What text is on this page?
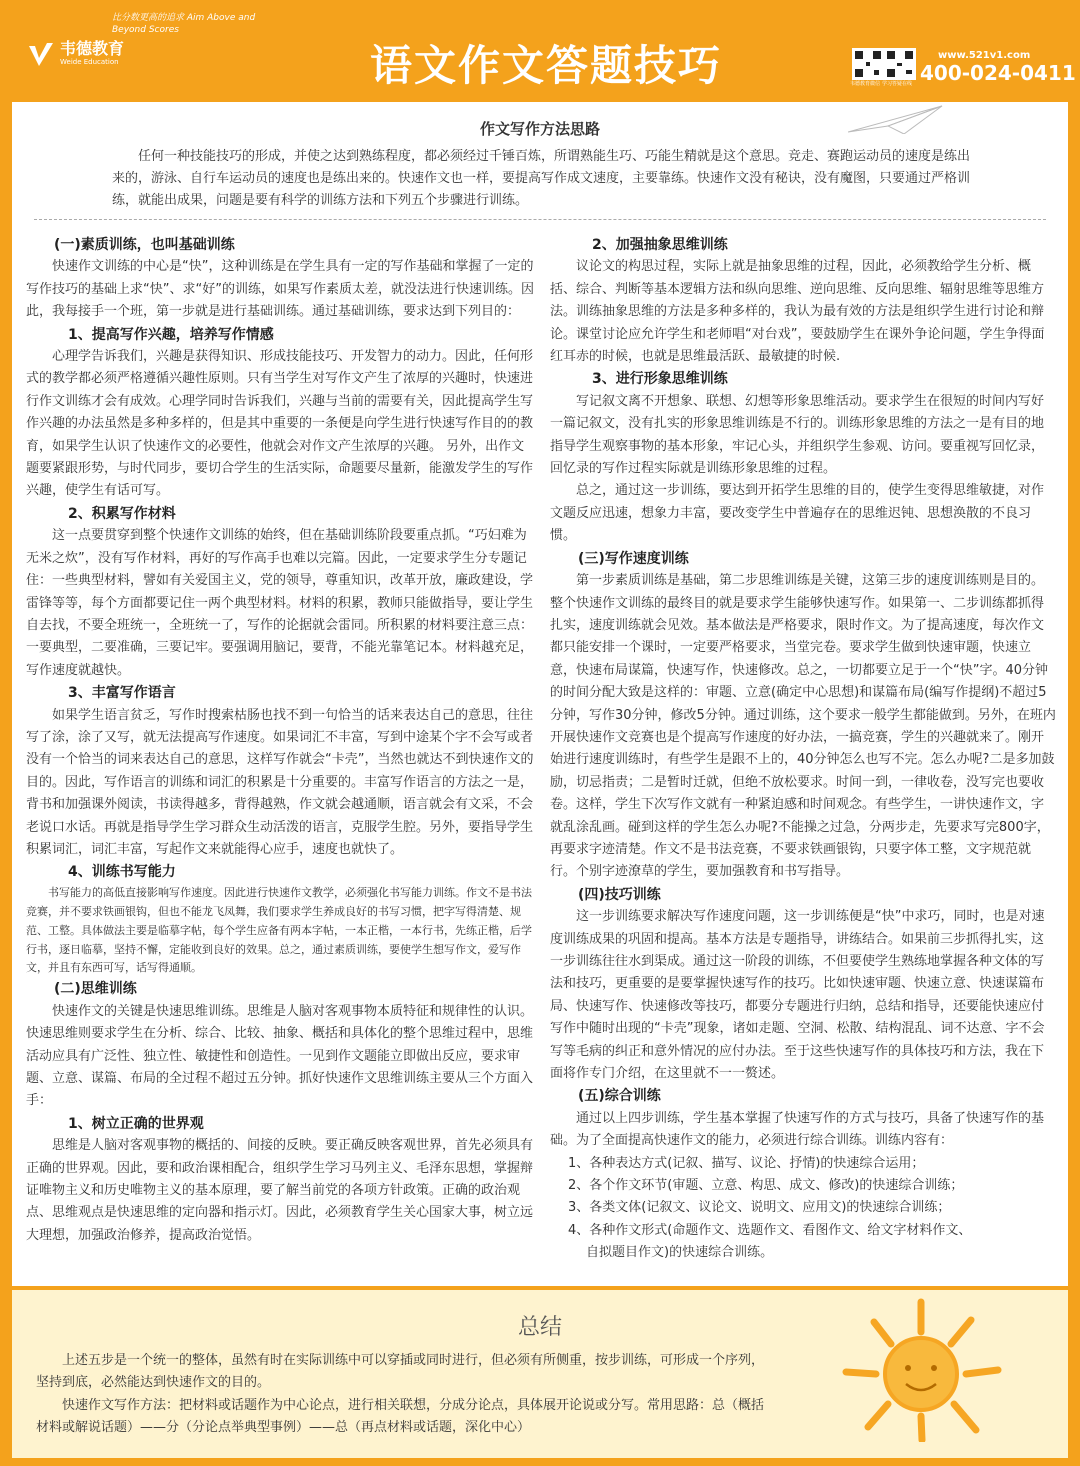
韦德教育
Weide Education
比分数更高的追求 Aim Above and Beyond Scores
语文作文答题技巧	韦德教育微信 学习答疑在线
www.521v1.com
400-024-0411
作文写作方法思路
任何一种技能技巧的形成，并使之达到熟练程度，都必须经过千锤百炼，所谓熟能生巧、巧能生精就是这个意思。竞走、赛跑运动员的速度是练出来的，游泳、自行车运动员的速度也是练出来的。快速作文也一样，要提高写作成文速度，主要靠练。快速作文没有秘诀，没有魔图，只要通过严格训练，就能出成果，问题是要有科学的训练方法和下列五个步骤进行训练。

(一)素质训练，也叫基础训练

快速作文训练的中心是“快”，这种训练是在学生具有一定的写作基础和掌握了一定的写作技巧的基础上求“快”、求“好”的训练，如果写作素质太差，就没法进行快速训练。因此，我每接手一个班，第一步就是进行基础训练。通过基础训练，要求达到下列目的：

1、提高写作兴趣，培养写作情感

心理学告诉我们，兴趣是获得知识、形成技能技巧、开发智力的动力。因此，任何形式的教学都必须严格遵循兴趣性原则。只有当学生对写作文产生了浓厚的兴趣时，快速进行作文训练才会有成效。心理学同时告诉我们，兴趣与当前的需要有关，因此提高学生写作兴趣的办法虽然是多种多样的，但是其中重要的一条便是向学生进行快速写作目的的教育，如果学生认识了快速作文的必要性，他就会对作文产生浓厚的兴趣。 另外，出作文题要紧跟形势，与时代同步，要切合学生的生活实际，命题要尽量新，能激发学生的写作兴趣，使学生有话可写。

2、积累写作材料

这一点要贯穿到整个快速作文训练的始终，但在基础训练阶段要重点抓。“巧妇难为无米之炊”，没有写作材料，再好的写作高手也难以完篇。因此，一定要求学生分专题记住：一些典型材料，譬如有关爱国主义，党的领导，尊重知识，改革开放，廉政建设，学雷锋等等，每个方面都要记住一两个典型材料。材料的积累，教师只能做指导，要让学生自去找，不要全班统一，全班统一了，写作的论据就会雷同。所积累的材料要注意三点：一要典型，二要准确，三要记牢。要强调用脑记，要背，不能光靠笔记本。材料越充足，写作速度就越快。

3、丰富写作语言

如果学生语言贫乏，写作时搜索枯肠也找不到一句恰当的话来表达自己的意思，往往写了涂，涂了又写，就无法提高写作速度。如果词汇不丰富，写到中途某个字不会写或者没有一个恰当的词来表达自己的意思，这样写作就会“卡壳”，当然也就达不到快速作文的目的。因此，写作语言的训练和词汇的积累是十分重要的。丰富写作语言的方法之一是，背书和加强课外阅读，书读得越多，背得越熟，作文就会越通顺，语言就会有文采，不会老说口水话。再就是指导学生学习群众生动活泼的语言，克服学生腔。另外，要指导学生积累词汇，词汇丰富，写起作文来就能得心应手，速度也就快了。

4、训练书写能力

书写能力的高低直接影响写作速度。因此进行快速作文教学，必须强化书写能力训练。作文不是书法竞赛，并不要求铁画银钩，但也不能龙飞凤舞，我们要求学生养成良好的书写习惯，把字写得清楚、规范、工整。具体做法主要是临摹字帖，每个学生应备有两本字帖，一本正楷，一本行书，先练正楷，后学行书，逐日临摹，坚持不懈，定能收到良好的效果。总之，通过素质训练，要使学生想写作文，爱写作文，并且有东西可写，话写得通顺。

(二)思维训练

快速作文的关键是快速思维训练。思维是人脑对客观事物本质特征和规律性的认识。快速思维则要求学生在分析、综合、比较、抽象、概括和具体化的整个思维过程中，思维活动应具有广泛性、独立性、敏捷性和创造性。一见到作文题能立即做出反应，要求审题、立意、谋篇、布局的全过程不超过五分钟。抓好快速作文思维训练主要从三个方面入手：

1、树立正确的世界观

思维是人脑对客观事物的概括的、间接的反映。要正确反映客观世界，首先必须具有正确的世界观。因此，要和政治课相配合，组织学生学习马列主义、毛泽东思想，掌握辩证唯物主义和历史唯物主义的基本原理，要了解当前党的各项方针政策。正确的政治观点、思维观点是快速思维的定向器和指示灯。因此，必须教育学生关心国家大事，树立远大理想，加强政治修养，提高政治觉悟。

2、加强抽象思维训练

议论文的构思过程，实际上就是抽象思维的过程，因此，必须教给学生分析、概括、综合、判断等基本逻辑方法和纵向思维、逆向思维、反向思维、辐射思维等思维方法。训练抽象思维的方法是多种多样的，我认为最有效的方法是组织学生进行讨论和辩论。课堂讨论应允许学生和老师唱“对台戏”，要鼓励学生在课外争论问题，学生争得面红耳赤的时候，也就是思维最活跃、最敏捷的时候.

3、进行形象思维训练

写记叙文离不开想象、联想、幻想等形象思维活动。要求学生在很短的时间内写好一篇记叙文，没有扎实的形象思维训练是不行的。训练形象思维的方法之一是有目的地指导学生观察事物的基本形象，牢记心头，并组织学生参观、访问。要重视写回忆录，回忆录的写作过程实际就是训练形象思维的过程。

总之，通过这一步训练，要达到开拓学生思维的目的，使学生变得思维敏捷，对作文题反应迅速，想象力丰富，要改变学生中普遍存在的思维迟钝、思想涣散的不良习惯。

(三)写作速度训练

第一步素质训练是基础，第二步思维训练是关键，这第三步的速度训练则是目的。整个快速作文训练的最终目的就是要求学生能够快速写作。如果第一、二步训练都抓得扎实，速度训练就会见效。基本做法是严格要求，限时作文。为了提高速度，每次作文都只能安排一个课时，一定要严格要求，当堂完卷。要求学生做到快速审题，快速立意，快速布局谋篇，快速写作，快速修改。总之，一切都要立足于一个“快”字。40分钟的时间分配大致是这样的：审题、立意(确定中心思想)和谋篇布局(编写作提纲)不超过5分钟，写作30分钟，修改5分钟。通过训练，这个要求一般学生都能做到。另外，在班内开展快速作文竞赛也是个提高写作速度的好办法，一搞竞赛，学生的兴趣就来了。刚开始进行速度训练时，有些学生是跟不上的，40分钟怎么也写不完。怎么办呢?二是多加鼓励，切忌指责；二是暂时迁就，但绝不放松要求。时间一到，一律收卷，没写完也要收卷。这样，学生下次写作文就有一种紧迫感和时间观念。有些学生，一讲快速作文，字就乱涂乱画。碰到这样的学生怎么办呢?不能操之过急，分两步走，先要求写完800字，再要求字迹清楚。作文不是书法竞赛，不要求铁画银钩，只要字体工整，文字规范就行。个别字迹潦草的学生，要加强教育和书写指导。

(四)技巧训练

这一步训练要求解决写作速度问题，这一步训练便是“快”中求巧，同时，也是对速度训练成果的巩固和提高。基本方法是专题指导，讲练结合。如果前三步抓得扎实，这一步训练往往水到渠成。通过这一阶段的训练，不但要使学生熟练地掌握各种文体的写法和技巧，更重要的是要掌握快速写作的技巧。比如快速审题、快速立意、快速谋篇布局、快速写作、快速修改等技巧，都要分专题进行归纳，总结和指导，还要能快速应付写作中随时出现的“卡壳”现象，诸如走题、空洞、松散、结构混乱、词不达意、字不会写等毛病的纠正和意外情况的应付办法。至于这些快速写作的具体技巧和方法，我在下面将作专门介绍，在这里就不一一赘述。

(五)综合训练

通过以上四步训练，学生基本掌握了快速写作的方式与技巧，具备了快速写作的基础。为了全面提高快速作文的能力，必须进行综合训练。训练内容有：

1、各种表达方式(记叙、描写、议论、抒情)的快速综合运用；

2、各个作文环节(审题、立意、构思、成文、修改)的快速综合训练；

3、各类文体(记叙文、议论文、说明文、应用文)的快速综合训练；

4、各种作文形式(命题作文、选题作文、看图作文、给文字材料作文、

自拟题目作文)的快速综合训练。

总结

上述五步是一个统一的整体，虽然有时在实际训练中可以穿插或同时进行，但必须有所侧重，按步训练，可形成一个序列，坚持到底，必然能达到快速作文的目的。

快速作文写作方法：把材料或话题作为中心论点，进行相关联想，分成分论点，具体展开论说或分写。常用思路：总（概括材料或解说话题）——分（分论点举典型事例）——总（再点材料或话题，深化中心）
